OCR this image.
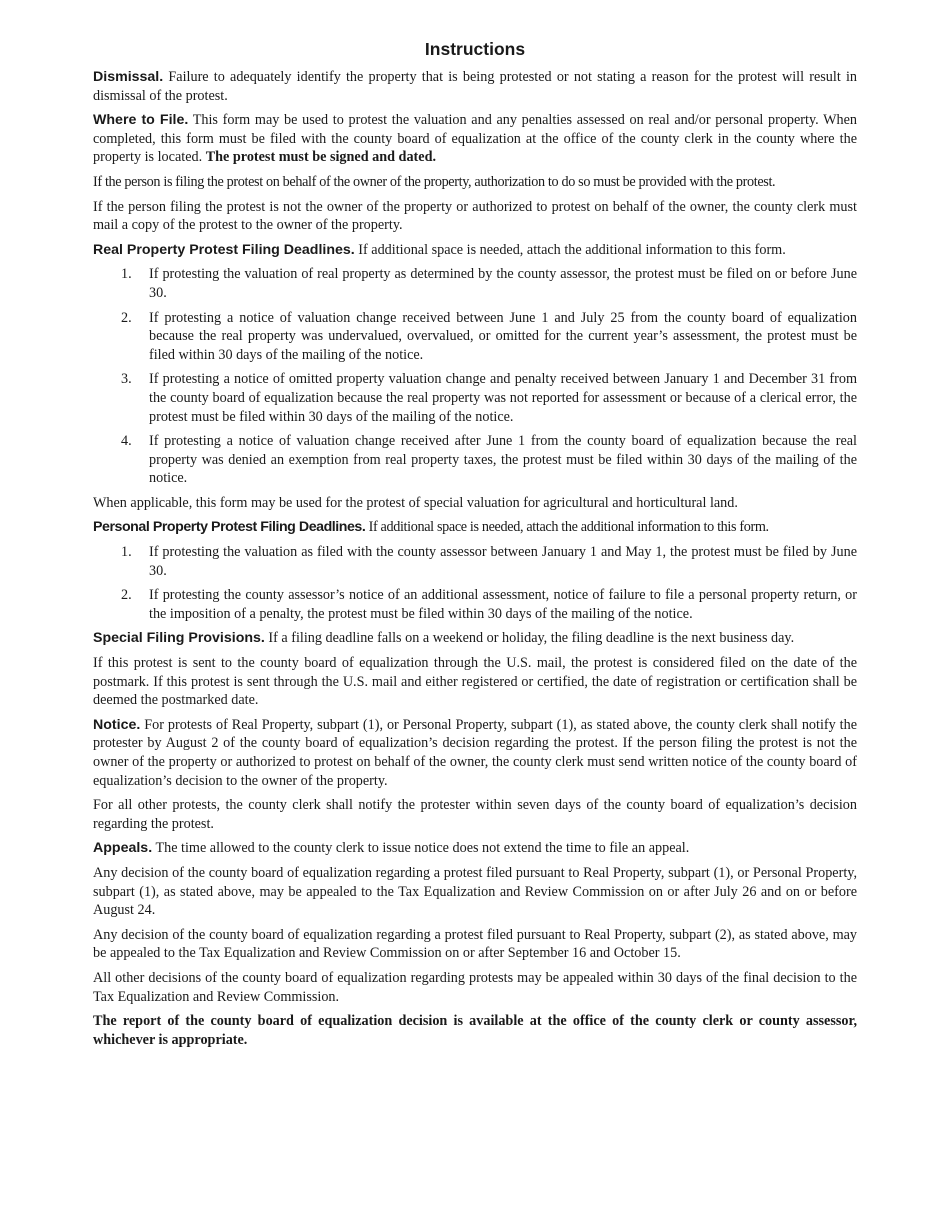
Instructions

Dismissal. Failure to adequately identify the property that is being protested or not stating a reason for the protest will result in dismissal of the protest.

Where to File. This form may be used to protest the valuation and any penalties assessed on real and/or personal property. When completed, this form must be filed with the county board of equalization at the office of the county clerk in the county where the property is located. The protest must be signed and dated.

If the person is filing the protest on behalf of the owner of the property, authorization to do so must be provided with the protest.

If the person filing the protest is not the owner of the property or authorized to protest on behalf of the owner, the county clerk must mail a copy of the protest to the owner of the property.

Real Property Protest Filing Deadlines. If additional space is needed, attach the additional information to this form.

1. If protesting the valuation of real property as determined by the county assessor, the protest must be filed on or before June 30.
2. If protesting a notice of valuation change received between June 1 and July 25 from the county board of equalization because the real property was undervalued, overvalued, or omitted for the current year’s assessment, the protest must be filed within 30 days of the mailing of the notice.
3. If protesting a notice of omitted property valuation change and penalty received between January 1 and December 31 from the county board of equalization because the real property was not reported for assessment or because of a clerical error, the protest must be filed within 30 days of the mailing of the notice.
4. If protesting a notice of valuation change received after June 1 from the county board of equalization because the real property was denied an exemption from real property taxes, the protest must be filed within 30 days of the mailing of the notice.

When applicable, this form may be used for the protest of special valuation for agricultural and horticultural land.

Personal Property Protest Filing Deadlines. If additional space is needed, attach the additional information to this form.

1. If protesting the valuation as filed with the county assessor between January 1 and May 1, the protest must be filed by June 30.
2. If protesting the county assessor’s notice of an additional assessment, notice of failure to file a personal property return, or the imposition of a penalty, the protest must be filed within 30 days of the mailing of the notice.

Special Filing Provisions. If a filing deadline falls on a weekend or holiday, the filing deadline is the next business day.

If this protest is sent to the county board of equalization through the U.S. mail, the protest is considered filed on the date of the postmark. If this protest is sent through the U.S. mail and either registered or certified, the date of registration or certification shall be deemed the postmarked date.

Notice. For protests of Real Property, subpart (1), or Personal Property, subpart (1), as stated above, the county clerk shall notify the protester by August 2 of the county board of equalization’s decision regarding the protest. If the person filing the protest is not the owner of the property or authorized to protest on behalf of the owner, the county clerk must send written notice of the county board of equalization’s decision to the owner of the property.

For all other protests, the county clerk shall notify the protester within seven days of the county board of equalization’s decision regarding the protest.

Appeals. The time allowed to the county clerk to issue notice does not extend the time to file an appeal.

Any decision of the county board of equalization regarding a protest filed pursuant to Real Property, subpart (1), or Personal Property, subpart (1), as stated above, may be appealed to the Tax Equalization and Review Commission on or after July 26 and on or before August 24.

Any decision of the county board of equalization regarding a protest filed pursuant to Real Property, subpart (2), as stated above, may be appealed to the Tax Equalization and Review Commission on or after September 16 and October 15.

All other decisions of the county board of equalization regarding protests may be appealed within 30 days of the final decision to the Tax Equalization and Review Commission.

The report of the county board of equalization decision is available at the office of the county clerk or county assessor, whichever is appropriate.
